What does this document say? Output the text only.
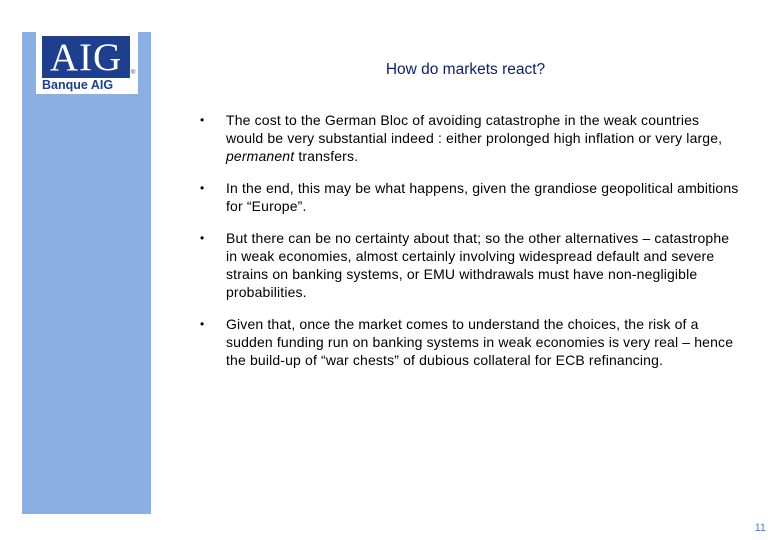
AIG	®
Banque AIG
How do markets react?
• The cost to the German Bloc of avoiding catastrophe in the weak countries would be very substantial indeed : either prolonged high inflation or very large, permanent transfers.
• In the end, this may be what happens, given the grandiose geopolitical ambitions for “Europe”.
• But there can be no certainty about that; so the other alternatives – catastrophe in weak economies, almost certainly involving widespread default and severe strains on banking systems, or EMU withdrawals must have non-negligible probabilities.
• Given that, once the market comes to understand the choices, the risk of a sudden funding run on banking systems in weak economies is very real – hence the build-up of “war chests” of dubious collateral for ECB refinancing.
11
